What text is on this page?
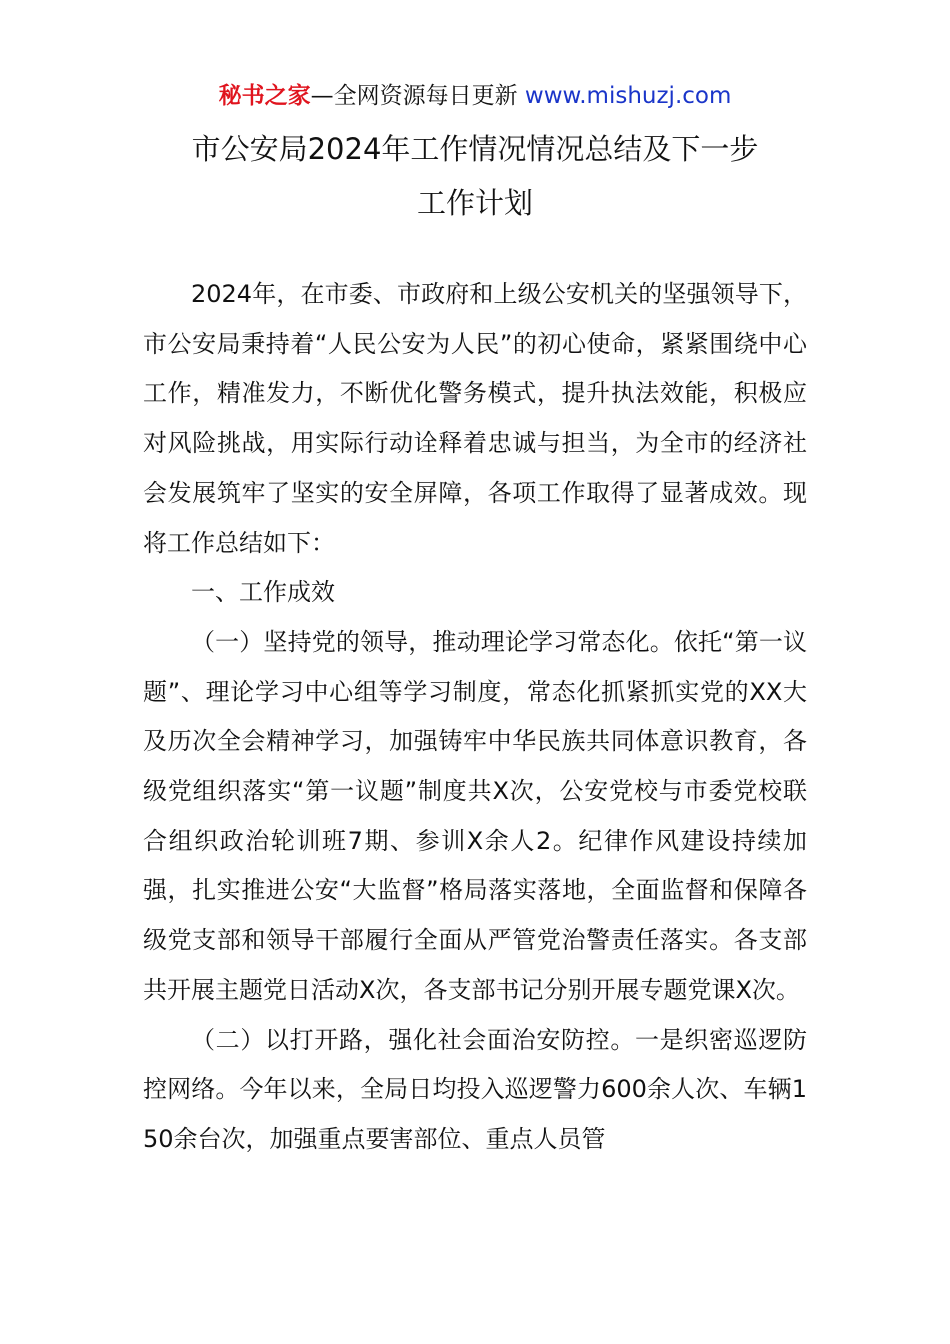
秘书之家—全网资源每日更新 www.mishuzj.com
市公安局2024年工作情况情况总结及下一步
工作计划

2024年，在市委、市政府和上级公安机关的坚强领导下，市公安局秉持着“人民公安为人民”的初心使命，紧紧围绕中心工作，精准发力，不断优化警务模式，提升执法效能，积极应对风险挑战，用实际行动诠释着忠诚与担当，为全市的经济社会发展筑牢了坚实的安全屏障，各项工作取得了显著成效。现将工作总结如下：

一、工作成效

（一）坚持党的领导，推动理论学习常态化。依托“第一议题”、理论学习中心组等学习制度，常态化抓紧抓实党的XX大及历次全会精神学习，加强铸牢中华民族共同体意识教育，各级党组织落实“第一议题”制度共X次，公安党校与市委党校联合组织政治轮训班7期、参训X余人2。纪律作风建设持续加强，扎实推进公安“大监督”格局落实落地，全面监督和保障各级党支部和领导干部履行全面从严管党治警责任落实。各支部共开展主题党日活动X次，各支部书记分别开展专题党课X次。

（二）以打开路，强化社会面治安防控。一是织密巡逻防控网络。今年以来，全局日均投入巡逻警力600余人次、车辆150余台次，加强重点要害部位、重点人员管
